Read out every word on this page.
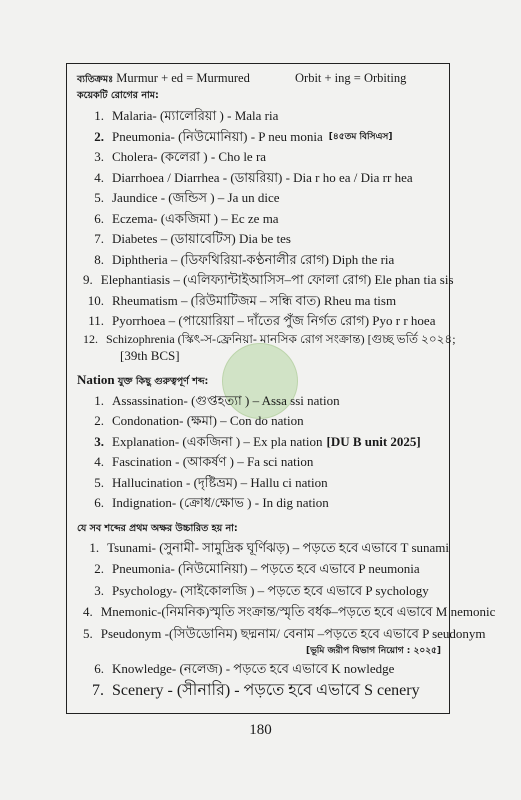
ব্যতিক্রমঃ Murmur + ed = Murmured	Orbit + ing = Orbiting
কয়েকটি রোগের নাম:
1. Malaria- (ম্যালেরিয়া ) - Mala ria
2. Pneumonia- (নিউমোনিয়া) - P neu monia [৪৫তম বিসিএস]
3. Cholera- (কলেরা ) - Cho le ra
4. Diarrhoea / Diarrhea - (ডায়রিয়া) - Dia r ho ea / Dia rr hea
5. Jaundice - (জন্ডিস ) – Ja un dice
6. Eczema- (একজিমা ) – Ec ze ma
7. Diabetes – (ডায়াবেটিস) Dia be tes
8. Diphtheria – (ডিফথিরিয়া-কণ্ঠনালীর রোগ) Diph the ria
9. Elephantiasis – (এলিফ্যান্টাইআসিস–পা ফোলা রোগ) Ele phan tia sis
10. Rheumatism – (রিউমাটিজম – সন্ধি বাত) Rheu ma tism
11. Pyorrhoea – (পায়োরিয়া – দাঁতের পুঁজ নির্গত রোগ) Pyo r r hoea
12. Schizophrenia (স্কিৎ-স-ফ্রেনিয়া- মানসিক রোগ সংক্রান্ত) [গুচ্ছ ভর্তি ২০২৪;
[39th BCS]
Nation যুক্ত কিছু গুরুত্বপূর্ণ শব্দ:
1. Assassination- (গুপ্তহত্যা ) – Assa ssi nation
2. Condonation- (ক্ষমা) – Con do nation
3. Explanation- (একজিনা ) – Ex pla nation [DU B unit 2025]
4. Fascination - (আকর্ষণ ) – Fa sci nation
5. Hallucination - (দৃষ্টিভ্রম) – Hallu ci nation
6. Indignation- (ক্রোধ/ক্ষোভ ) - In dig nation
যে সব শব্দের প্রথম অক্ষর উচ্চারিত হয় না:
1. Tsunami- (সুনামী- সামুদ্রিক ঘূর্ণিঝড়) – পড়তে হবে এভাবে T sunami
2. Pneumonia- (নিউমোনিয়া) – পড়তে হবে এভাবে P neumonia
3. Psychology- (সাইকোলজি ) – পড়তে হবে এভাবে P sychology
4. Mnemonic-(নিমনিক)স্মৃতি সংক্রান্ত/স্মৃতি বর্ধক–পড়তে হবে এভাবে M nemonic
5. Pseudonym -(সিউডোনিম) ছদ্মনাম/ বেনাম –পড়তে হবে এভাবে P seudonym
[ভূমি জরীপ বিভাগ নিয়োগ : ২০২৫]
6. Knowledge- (নলেজ) - পড়তে হবে এভাবে K nowledge
7. Scenery - (সীনারি) - পড়তে হবে এভাবে S cenery
180
